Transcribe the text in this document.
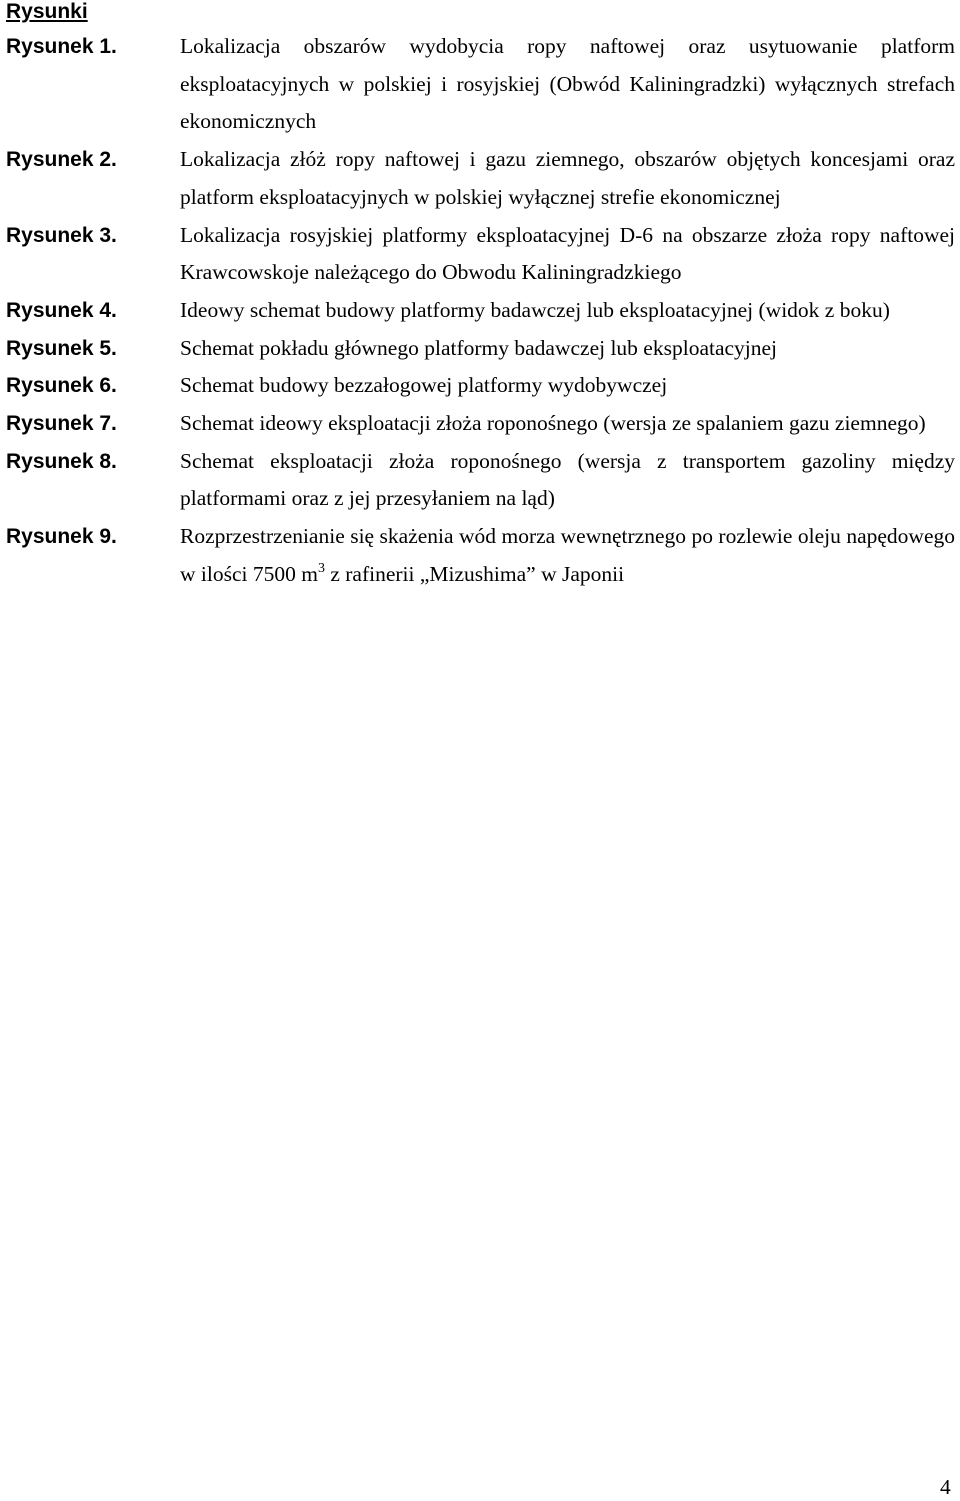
Rysunki
Rysunek 1.	Lokalizacja obszarów wydobycia ropy naftowej oraz usytuowanie platform eksploatacyjnych w polskiej i rosyjskiej (Obwód Kaliningradzki) wyłącznych strefach ekonomicznych
Rysunek 2.	Lokalizacja złóż ropy naftowej i gazu ziemnego, obszarów objętych koncesjami oraz platform eksploatacyjnych w polskiej wyłącznej strefie ekonomicznej
Rysunek 3.	Lokalizacja rosyjskiej platformy eksploatacyjnej D-6 na obszarze złoża ropy naftowej Krawcowskoje należącego do Obwodu Kaliningradzkiego
Rysunek 4.	Ideowy schemat budowy platformy badawczej lub eksploatacyjnej (widok z boku)
Rysunek 5.	Schemat pokładu głównego platformy badawczej lub eksploatacyjnej
Rysunek 6.	Schemat budowy bezzałogowej platformy wydobywczej
Rysunek 7.	Schemat ideowy eksploatacji złoża roponośnego (wersja ze spalaniem gazu ziemnego)
Rysunek 8.	Schemat eksploatacji złoża roponośnego (wersja z transportem gazoliny między platformami oraz z jej przesyłaniem na ląd)
Rysunek 9.	Rozprzestrzenianie się skażenia wód morza wewnętrznego po rozlewie oleju napędowego w ilości 7500 $m^3$ z rafinerii „Mizushima” w Japonii
4
